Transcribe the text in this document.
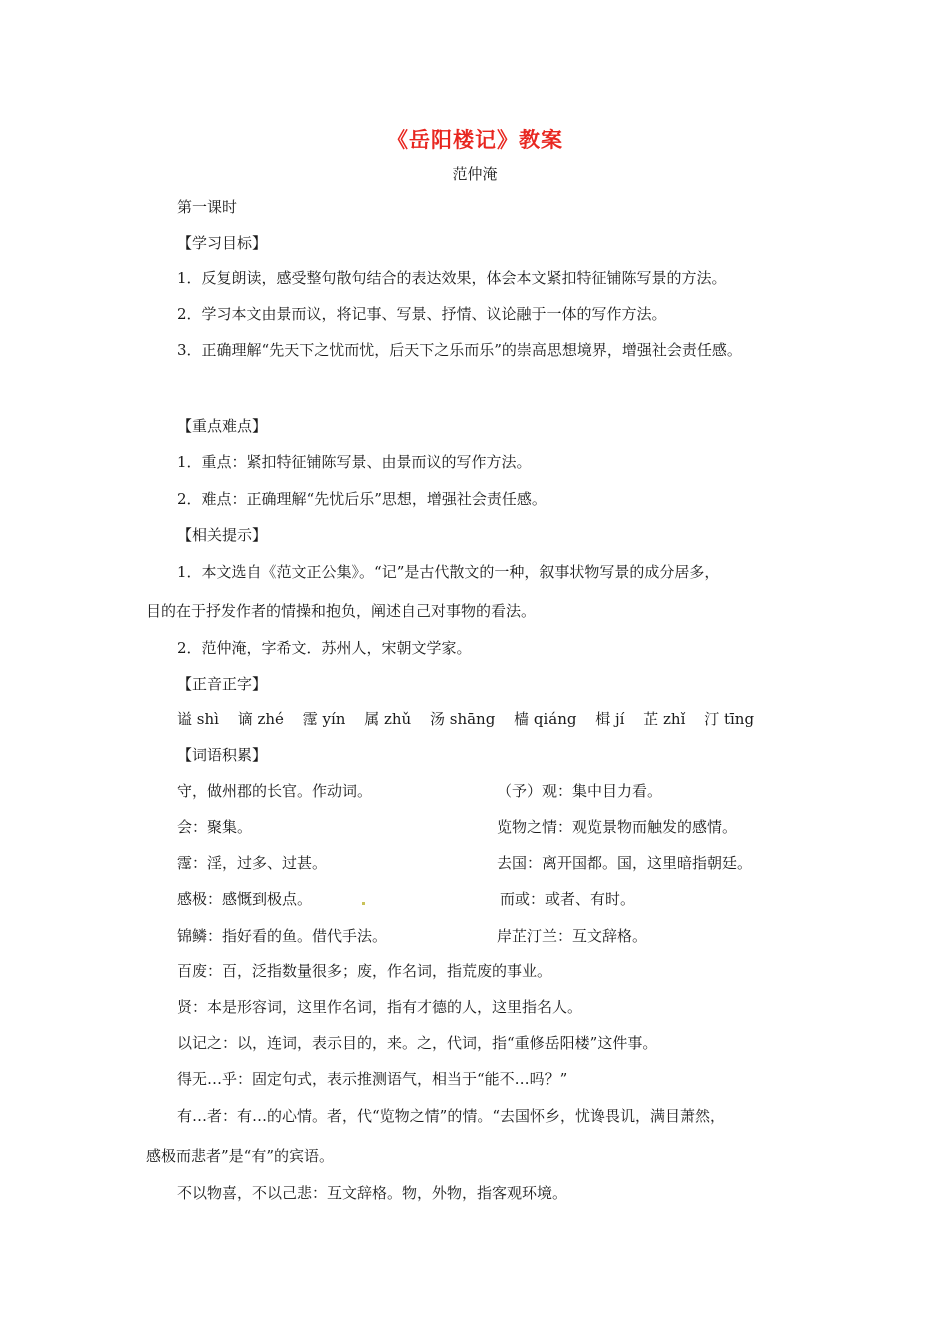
《岳阳楼记》教案
范仲淹
第一课时
【学习目标】
1．反复朗读，感受整句散句结合的表达效果，体会本文紧扣特征铺陈写景的方法。
2．学习本文由景而议，将记事、写景、抒情、议论融于一体的写作方法。
3．正确理解“先天下之忧而忧，后天下之乐而乐”的崇高思想境界，增强社会责任感。
【重点难点】
1．重点：紧扣特征铺陈写景、由景而议的写作方法。
2．难点：正确理解“先忧后乐”思想，增强社会责任感。
【相关提示】
1．本文选自《范文正公集》。“记”是古代散文的一种，叙事状物写景的成分居多，
目的在于抒发作者的情操和抱负，阐述自己对事物的看法。
2．范仲淹，字希文．苏州人，宋朝文学家。
【正音正字】
谥 shì 谪 zhé 霪 yín 属 zhǔ 汤 shāng 樯 qiáng 楫 jí 芷 zhǐ 汀 tīng
【词语积累】
守，做州郡的长官。作动词。	（予）观：集中目力看。
会：聚集。	览物之情：观览景物而触发的感情。
霪：淫，过多、过甚。	去国：离开国都。国，这里暗指朝廷。
感极：感慨到极点。	而或：或者、有时。
锦鳞：指好看的鱼。借代手法。	岸芷汀兰：互文辞格。
百废：百，泛指数量很多；废，作名词，指荒废的事业。
贤：本是形容词，这里作名词，指有才德的人，这里指名人。
以记之：以，连词，表示目的，来。之，代词，指“重修岳阳楼”这件事。
得无…乎：固定句式，表示推测语气，相当于“能不…吗？”
有…者：有…的心情。者，代“览物之情”的情。“去国怀乡，忧谗畏讥，满目萧然，
感极而悲者”是“有”的宾语。
不以物喜，不以己悲：互文辞格。物，外物，指客观环境。
